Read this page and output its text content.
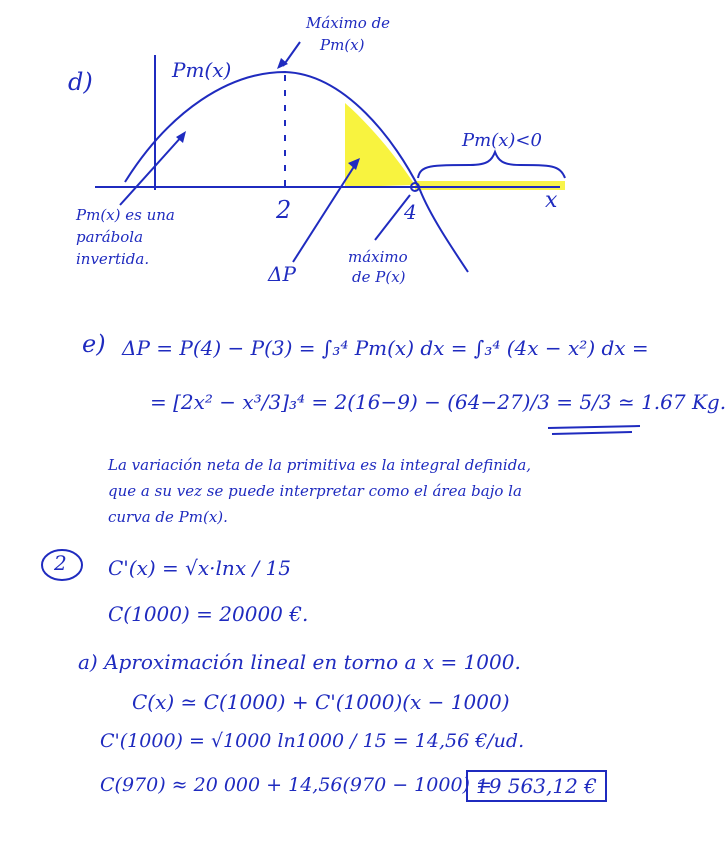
d)	Pm(x)
Máximo de
Pm(x)
Pm(x)<0
x
2	4
Pm(x) es una
parábola
invertida.
ΔP
máximo
de P(x)
e) ΔP = P(4) − P(3) = ∫₃⁴ Pm(x) dx = ∫₃⁴ (4x − x²) dx =
= [2x² − x³/3]₃⁴ = 2(16−9) − (64−27)/3 = 5/3 ≃ 1.67 Kg.
La variación neta de la primitiva es la integral definida,
que a su vez se puede interpretar como el área bajo la
curva de Pm(x).
2 C'(x) = √x·lnx / 15
C(1000) = 20000 €.
a) Aproximación lineal en torno a x = 1000.
C(x) ≃ C(1000) + C'(1000)(x − 1000)
C'(1000) = √1000 ln1000 / 15 = 14,56 €/ud.
C(970) ≈ 20 000 + 14,56(970 − 1000) =
19 563,12 €
